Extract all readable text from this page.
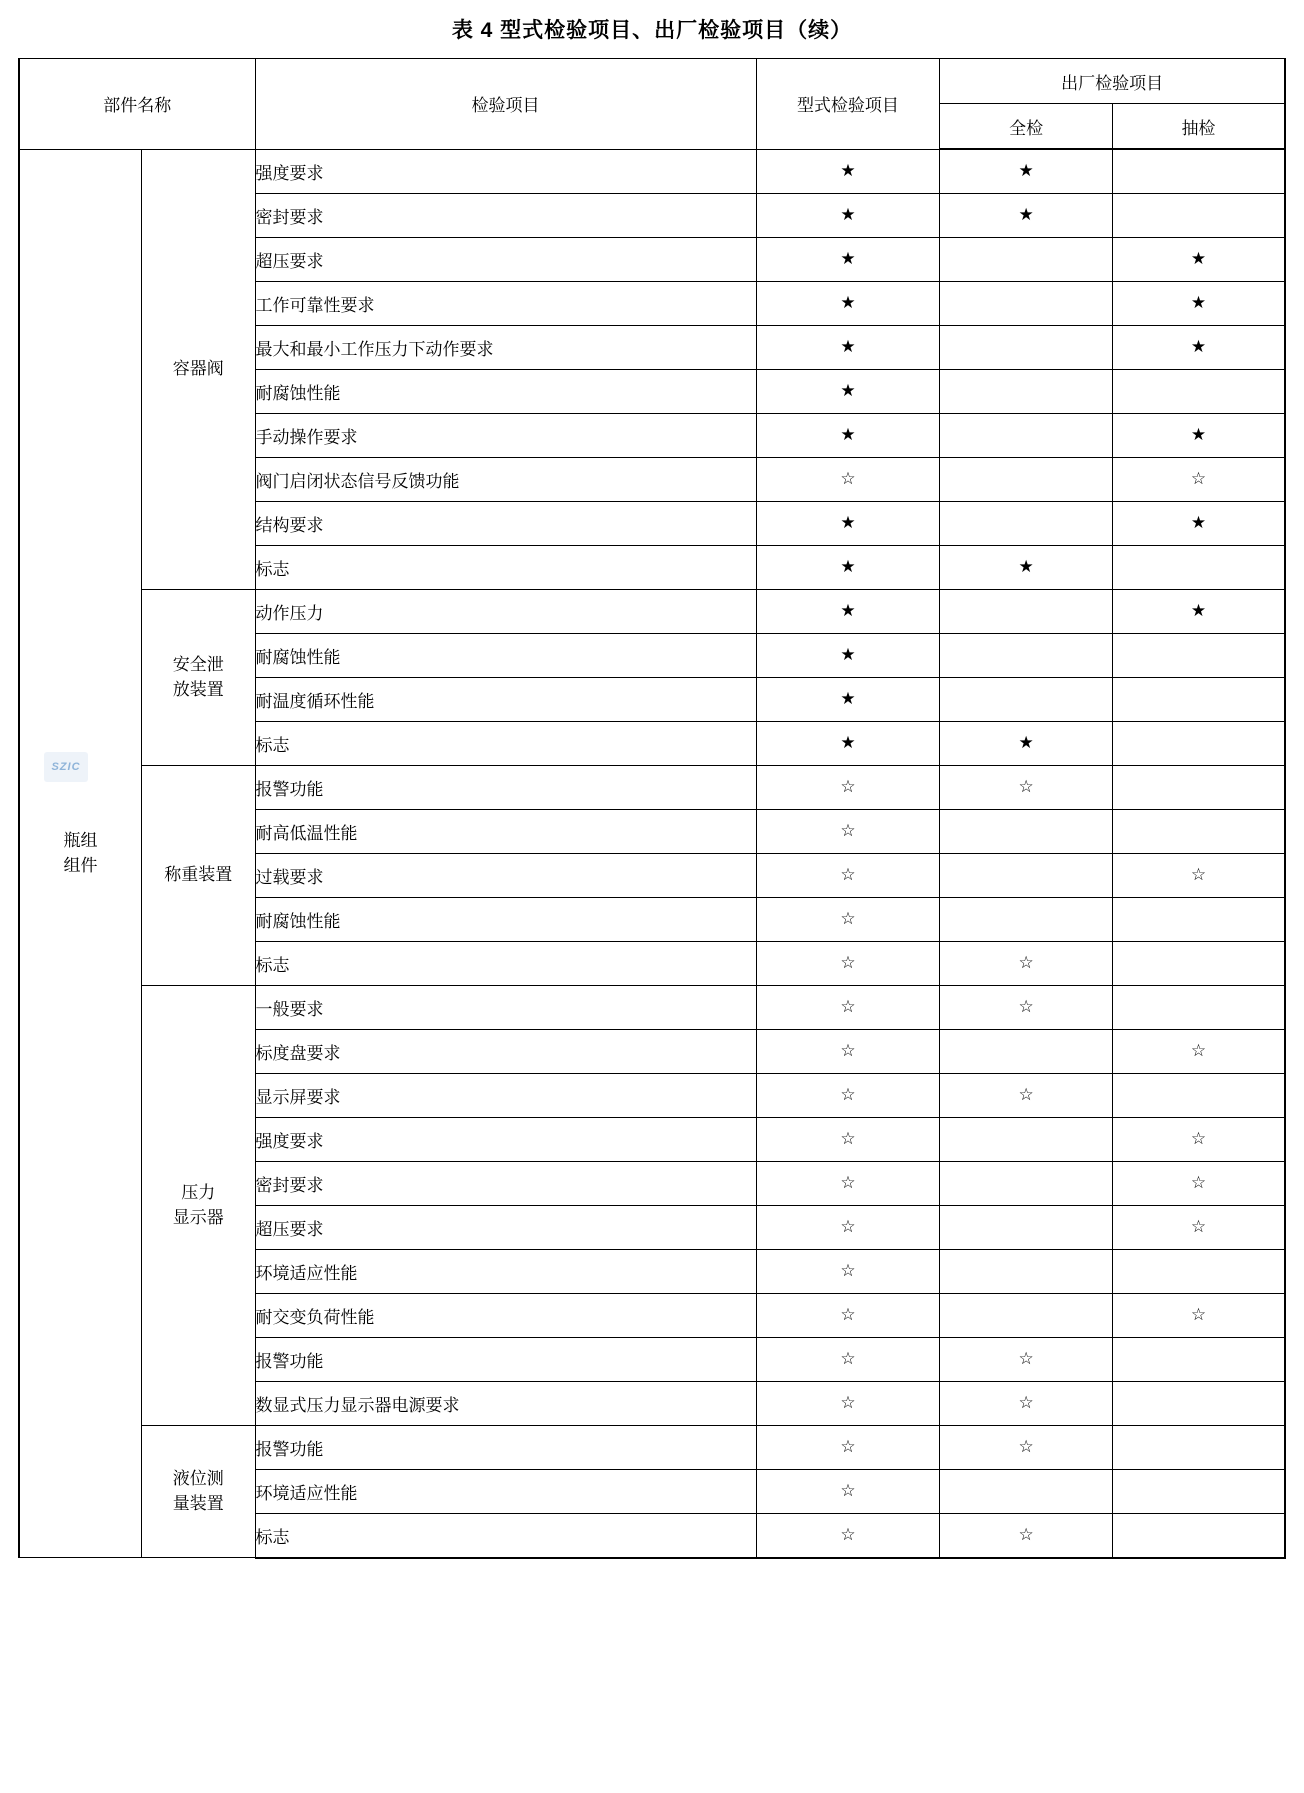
表 4 型式检验项目、出厂检验项目（续）
SZIC
部件名称		检验项目	型式检验项目	出厂检验项目	
				全检	抽检
瓶组
组件	容器阀	强度要求	★	★	
		密封要求	★	★	
		超压要求	★		★
		工作可靠性要求	★		★
		最大和最小工作压力下动作要求	★		★
		耐腐蚀性能	★		
		手动操作要求	★		★
		阀门启闭状态信号反馈功能	☆		☆
		结构要求	★		★
		标志	★	★	
	安全泄
放装置	动作压力	★		★
		耐腐蚀性能	★		
		耐温度循环性能	★		
		标志	★	★	
	称重装置	报警功能	☆	☆	
		耐高低温性能	☆		
		过载要求	☆		☆
		耐腐蚀性能	☆		
		标志	☆	☆	
	压力
显示器	一般要求	☆	☆	
		标度盘要求	☆		☆
		显示屏要求	☆	☆	
		强度要求	☆		☆
		密封要求	☆		☆
		超压要求	☆		☆
		环境适应性能	☆		
		耐交变负荷性能	☆		☆
		报警功能	☆	☆	
		数显式压力显示器电源要求	☆	☆	
	液位测
量装置	报警功能	☆	☆	
		环境适应性能	☆		
		标志	☆	☆	
